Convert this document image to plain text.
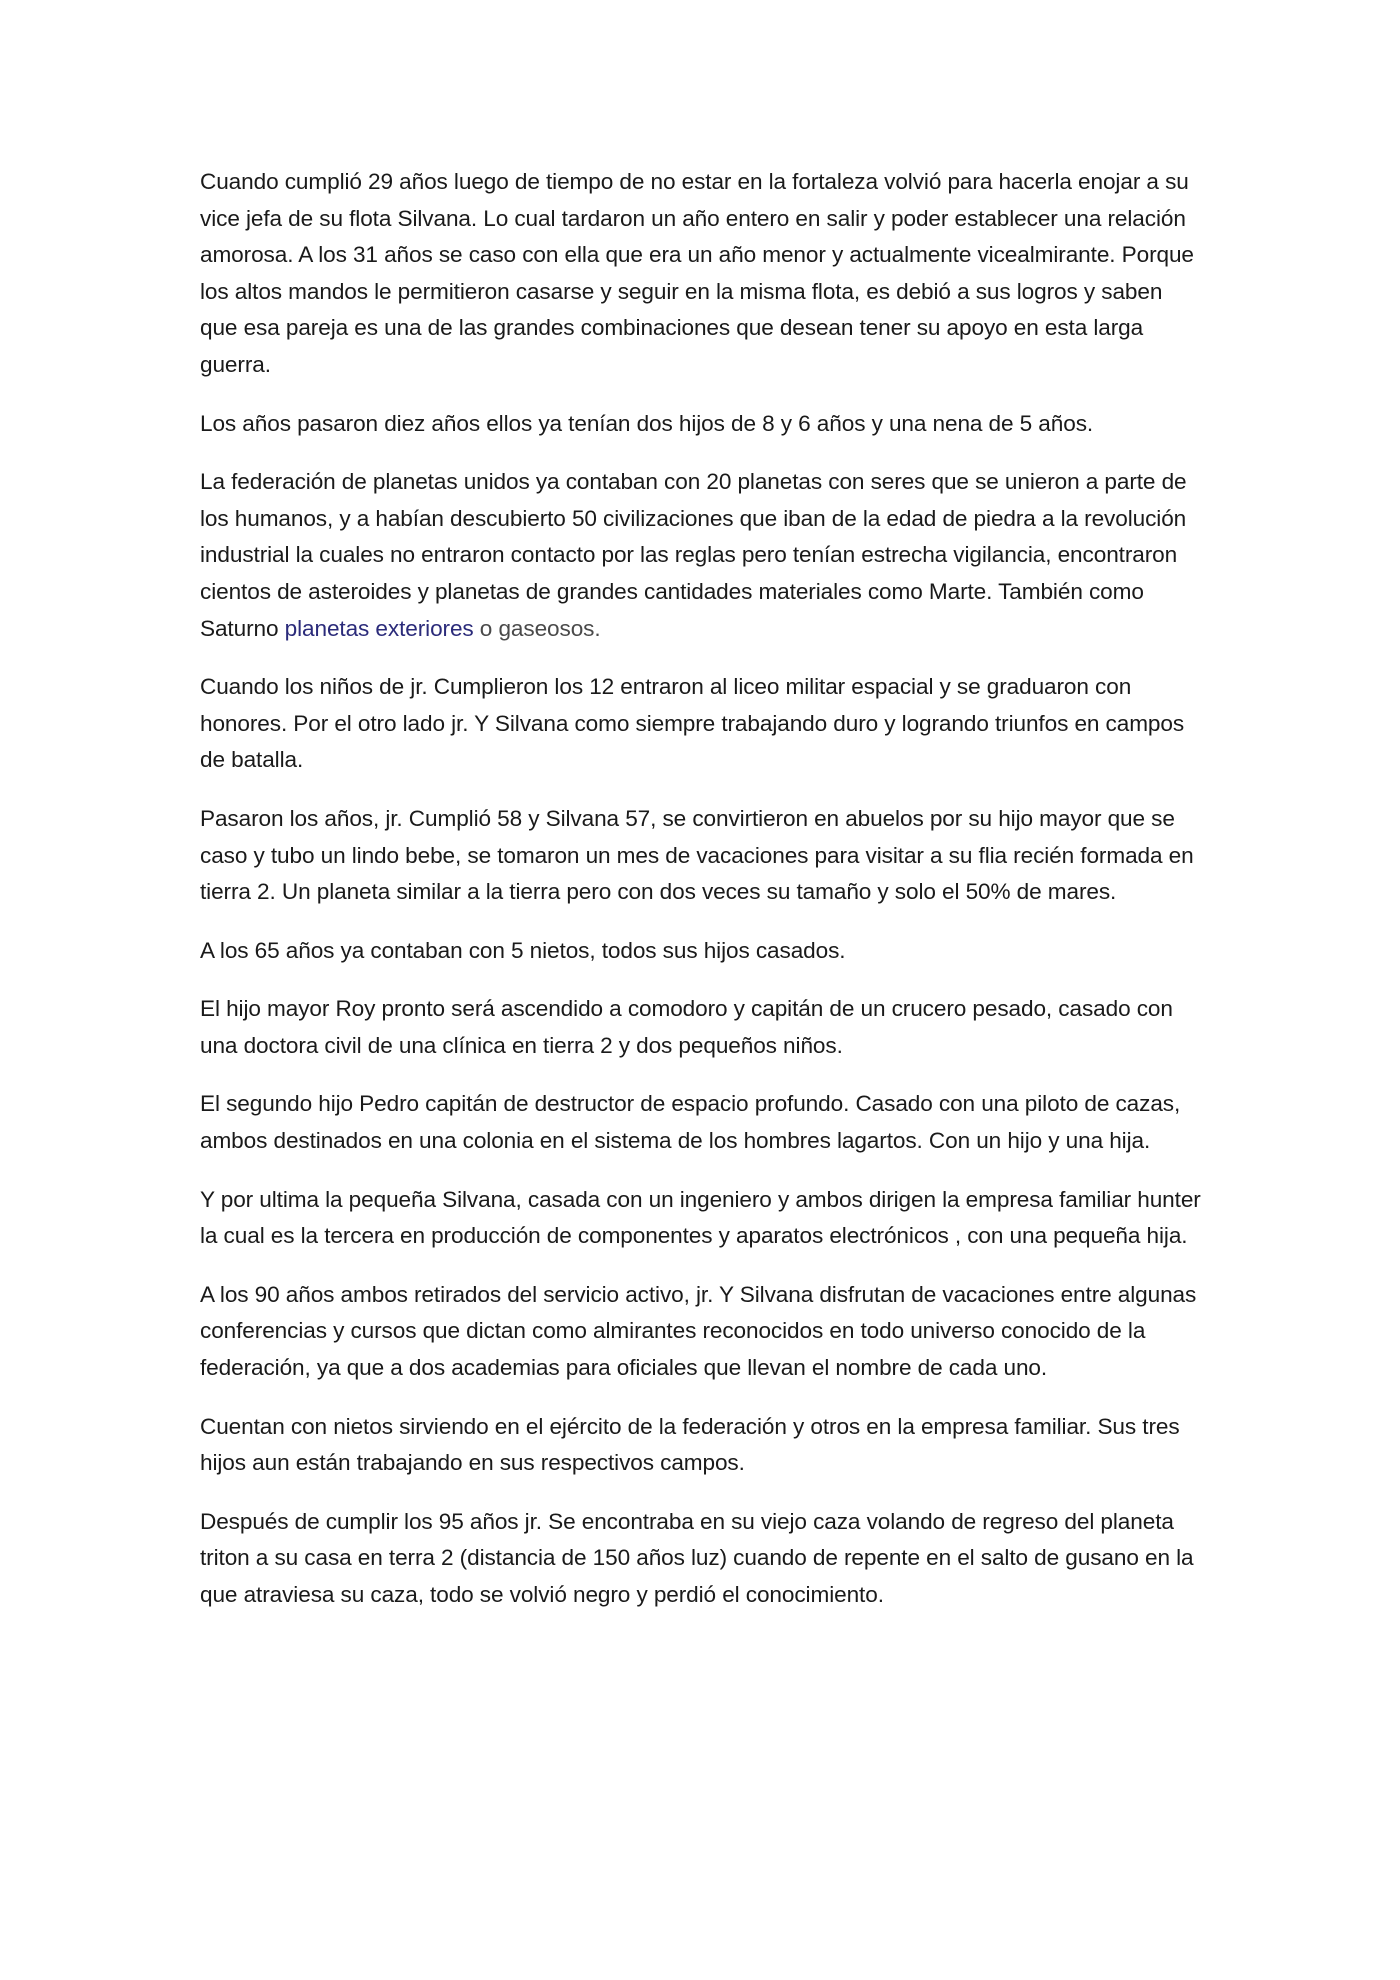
Cuando cumplió 29 años luego de tiempo de no estar en la fortaleza volvió para hacerla enojar a su vice jefa de su flota Silvana. Lo cual tardaron un año entero en salir y poder establecer una relación amorosa. A los 31 años se caso con ella que era un año menor y actualmente vicealmirante. Porque los altos mandos le permitieron casarse y seguir en la misma flota, es debió a sus logros y saben que esa pareja es una de las grandes combinaciones que desean tener su apoyo en esta larga guerra.

Los años pasaron diez años ellos ya tenían dos hijos de 8 y 6 años y una nena de 5 años.

La federación de planetas unidos ya contaban con 20 planetas con seres que se unieron a parte de los humanos, y a habían descubierto 50 civilizaciones que iban de la edad de piedra a la revolución industrial la cuales no entraron contacto por las reglas pero tenían estrecha vigilancia, encontraron cientos de asteroides y planetas de grandes cantidades materiales como Marte. También como Saturno planetas exteriores o gaseosos.

Cuando los niños de jr. Cumplieron los 12 entraron al liceo militar espacial y se graduaron con honores. Por el otro lado jr. Y Silvana como siempre trabajando duro y logrando triunfos en campos de batalla.

Pasaron los años, jr. Cumplió 58 y Silvana 57, se convirtieron en abuelos por su hijo mayor que se caso y tubo un lindo bebe, se tomaron un mes de vacaciones para visitar a su flia recién formada en tierra 2. Un planeta similar a la tierra pero con dos veces su tamaño y solo el 50% de mares.

A los 65 años ya contaban con 5 nietos, todos sus hijos casados.

El hijo mayor Roy pronto será ascendido a comodoro y capitán de un crucero pesado, casado con una doctora civil de una clínica en tierra 2 y dos pequeños niños.

El segundo hijo Pedro capitán de destructor de espacio profundo. Casado con una piloto de cazas, ambos destinados en una colonia en el sistema de los hombres lagartos. Con un hijo y una hija.

Y por ultima la pequeña Silvana, casada con un ingeniero y ambos dirigen la empresa familiar hunter la cual es la tercera en producción de componentes y aparatos electrónicos , con una pequeña hija.

A los 90 años ambos retirados del servicio activo, jr. Y Silvana disfrutan de vacaciones entre algunas conferencias y cursos que dictan como almirantes reconocidos en todo universo conocido de la federación, ya que a dos academias para oficiales que llevan el nombre de cada uno.

Cuentan con nietos sirviendo en el ejército de la federación y otros en la empresa familiar. Sus tres hijos aun están trabajando en sus respectivos campos.

Después de cumplir los 95 años jr. Se encontraba en su viejo caza volando de regreso del planeta triton a su casa en terra 2 (distancia de 150 años luz) cuando de repente en el salto de gusano en la que atraviesa su caza, todo se volvió negro y perdió el conocimiento.
